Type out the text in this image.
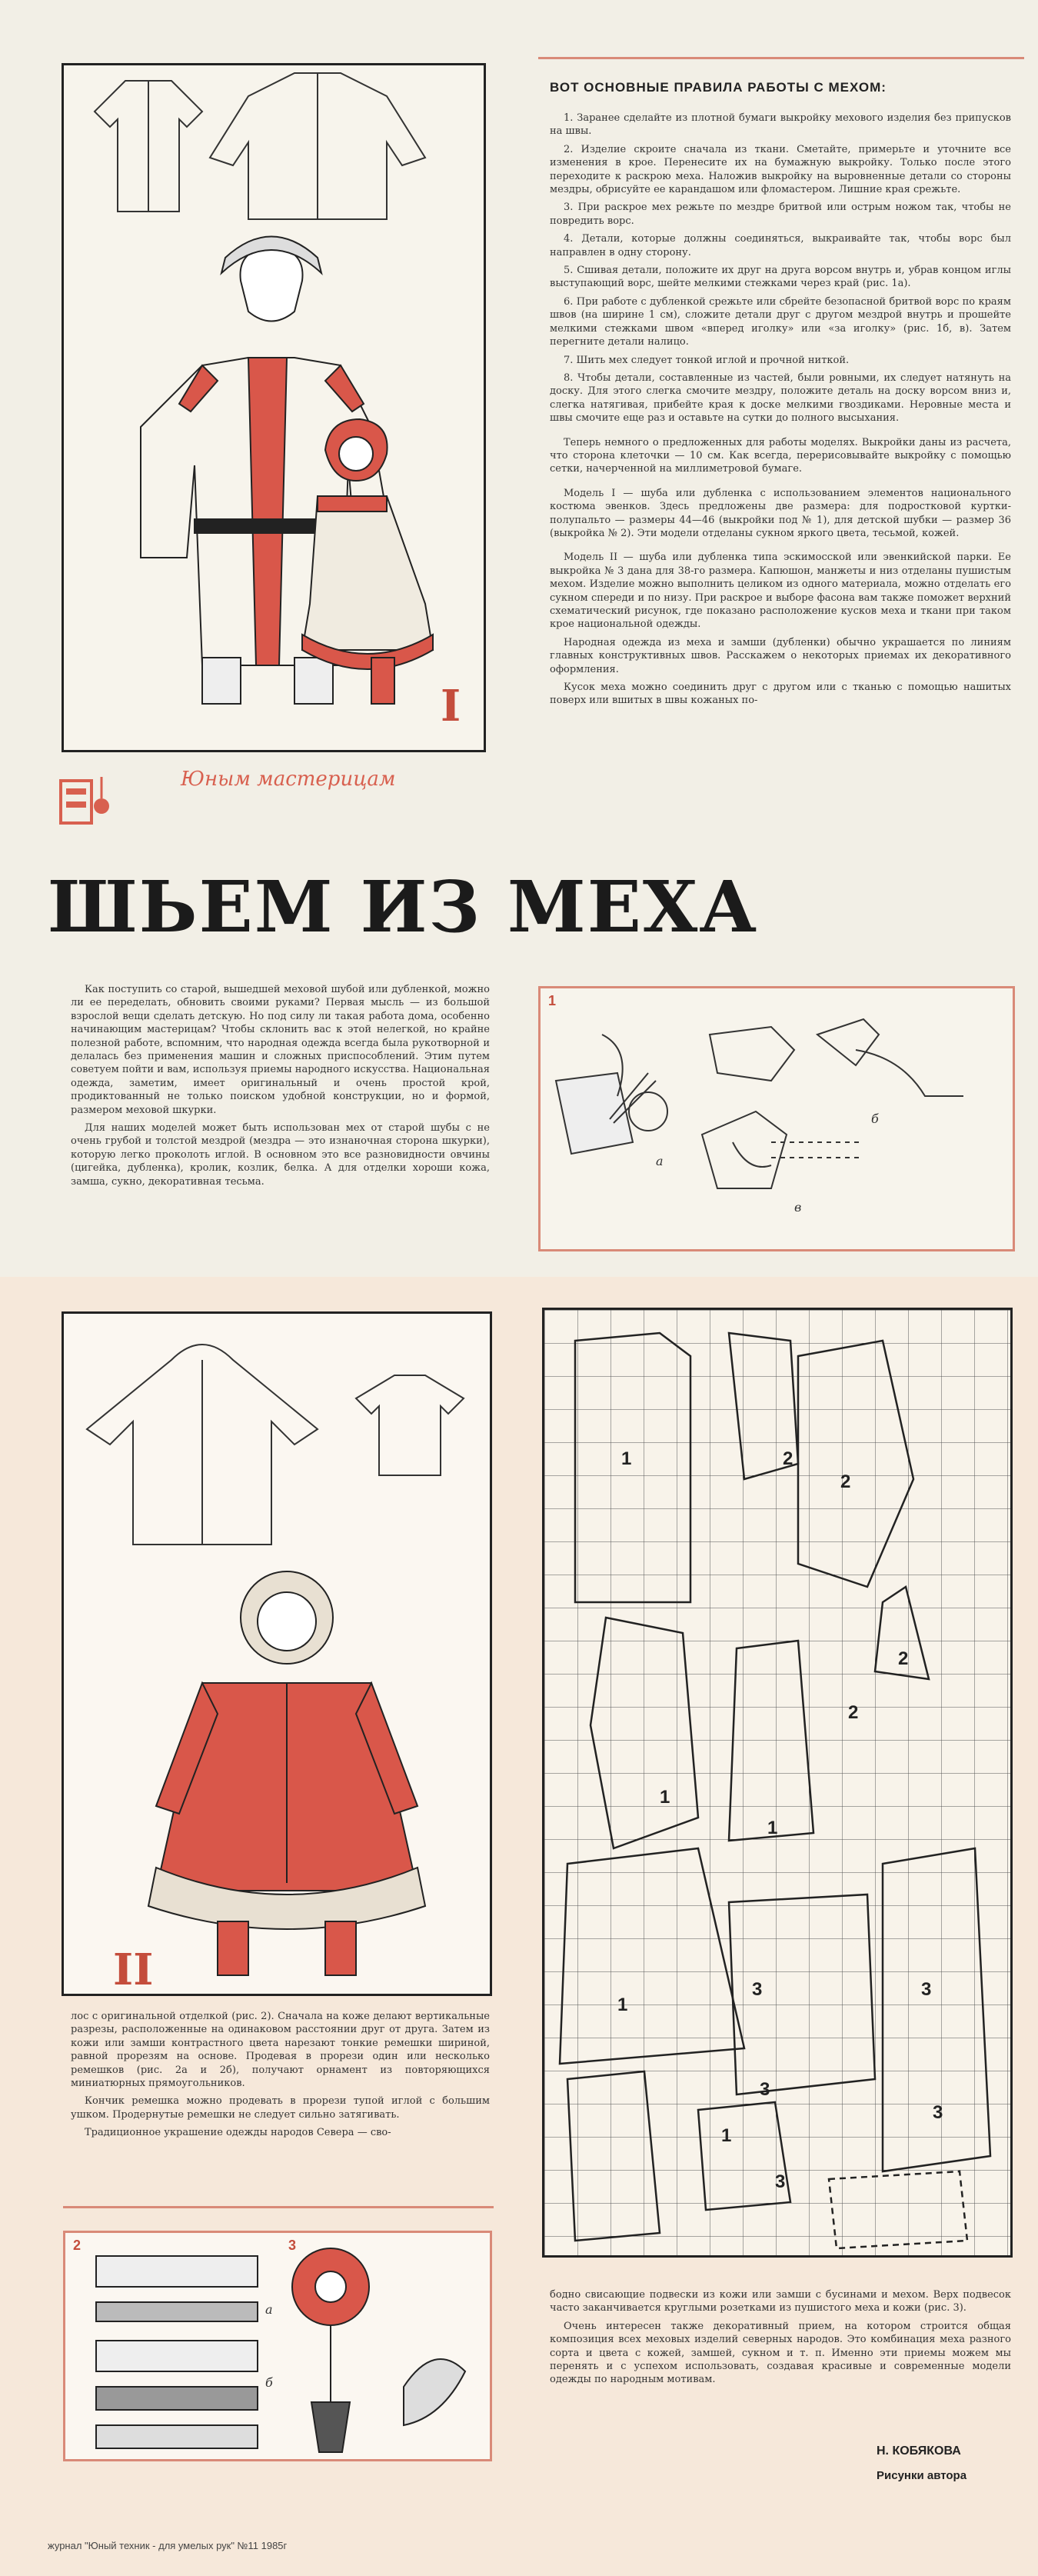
I
ВОТ ОСНОВНЫЕ ПРАВИЛА РАБОТЫ С МЕХОМ:

1. Заранее сделайте из плотной бумаги выкройку мехового изделия без припусков на швы.

2. Изделие скроите сначала из ткани. Сметайте, примерьте и уточните все изменения в крое. Перенесите их на бумажную выкройку. Только после этого переходите к раскрою меха. Наложив выкройку на выровненные детали со стороны мездры, обрисуйте ее карандашом или фломастером. Лишние края срежьте.

3. При раскрое мех режьте по мездре бритвой или острым ножом так, чтобы не повредить ворс.

4. Детали, которые должны соединяться, выкраивайте так, чтобы ворс был направлен в одну сторону.

5. Сшивая детали, положите их друг на друга ворсом внутрь и, убрав концом иглы выступающий ворс, шейте мелкими стежками через край (рис. 1а).

6. При работе с дубленкой срежьте или сбрейте безопасной бритвой ворс по краям швов (на ширине 1 см), сложите детали друг с другом мездрой внутрь и прошейте мелкими стежками швом «вперед иголку» или «за иголку» (рис. 1б, в). Затем перегните детали налицо.

7. Шить мех следует тонкой иглой и прочной ниткой.

8. Чтобы детали, составленные из частей, были ровными, их следует натянуть на доску. Для этого слегка смочите мездру, положите деталь на доску ворсом вниз и, слегка натягивая, прибейте края к доске мелкими гвоздиками. Неровные места и швы смочите еще раз и оставьте на сутки до полного высыхания.

Теперь немного о предложенных для работы моделях. Выкройки даны из расчета, что сторона клеточки — 10 см. Как всегда, перерисовывайте выкройку с помощью сетки, начерченной на миллиметровой бумаге.

Модель I — шуба или дубленка с использованием элементов национального костюма эвенков. Здесь предложены две размера: для подростковой куртки-полупальто — размеры 44—46 (выкройки под № 1), для детской шубки — размер 36 (выкройка № 2). Эти модели отделаны сукном яркого цвета, тесьмой, кожей.

Модель II — шуба или дубленка типа эскимосской или эвенкийской парки. Ее выкройка № 3 дана для 38-го размера. Капюшон, манжеты и низ отделаны пушистым мехом. Изделие можно выполнить целиком из одного материала, можно отделать его сукном спереди и по низу. При раскрое и выборе фасона вам также поможет верхний схематический рисунок, где показано расположение кусков меха и ткани при таком крое национальной одежды.

Народная одежда из меха и замши (дубленки) обычно украшается по линиям главных конструктивных швов. Расскажем о некоторых приемах их декоративного оформления.

Кусок меха можно соединить друг с другом или с тканью с помощью нашитых поверх или вшитых в швы кожаных по-

Юным мастерицам
ШЬЕМ ИЗ МЕХА

Как поступить со старой, вышедшей меховой шубой или дубленкой, можно ли ее переделать, обновить своими руками? Первая мысль — из большой взрослой вещи сделать детскую. Но под силу ли такая работа дома, особенно начинающим мастерицам? Чтобы склонить вас к этой нелегкой, но крайне полезной работе, вспомним, что народная одежда всегда была рукотворной и делалась без применения машин и сложных приспособлений. Этим путем советуем пойти и вам, используя приемы народного искусства. Национальная одежда, заметим, имеет оригинальный и очень простой крой, продиктованный не только поиском удобной конструкции, но и формой, размером меховой шкурки.

Для наших моделей может быть использован мех от старой шубы с не очень грубой и толстой мездрой (мездра — это изнаночная сторона шкурки), которую легко проколоть иглой. В основном это все разновидности овчины (цигейка, дубленка), кролик, козлик, белка. А для отделки хороши кожа, замша, сукно, декоративная тесьма.

1
а
б
в
II
1	2
2
1
2
2
1
3	3
1
3
1
3
3

лос с оригинальной отделкой (рис. 2). Сначала на коже делают вертикальные разрезы, расположенные на одинаковом расстоянии друг от друга. Затем из кожи или замши контрастного цвета нарезают тонкие ремешки шириной, равной прорезям на основе. Продевая в прорези один или несколько ремешков (рис. 2а и 2б), получают орнамент из повторяющихся миниатюрных прямоугольников.

Кончик ремешка можно продевать в прорези тупой иглой с большим ушком. Продернутые ремешки не следует сильно затягивать.

Традиционное украшение одежды народов Севера — сво-

2
а
б
3

бодно свисающие подвески из кожи или замши с бусинами и мехом. Верх подвесок часто заканчивается круглыми розетками из пушистого меха и кожи (рис. 3).

Очень интересен также декоративный прием, на котором строится общая композиция всех меховых изделий северных народов. Это комбинация меха разного сорта и цвета с кожей, замшей, сукном и т. п. Именно эти приемы можем мы перенять и с успехом использовать, создавая красивые и современные модели одежды по народным мотивам.

Н. КОБЯКОВА
Рисунки автора
журнал "Юный техник - для умелых рук" №11 1985г
